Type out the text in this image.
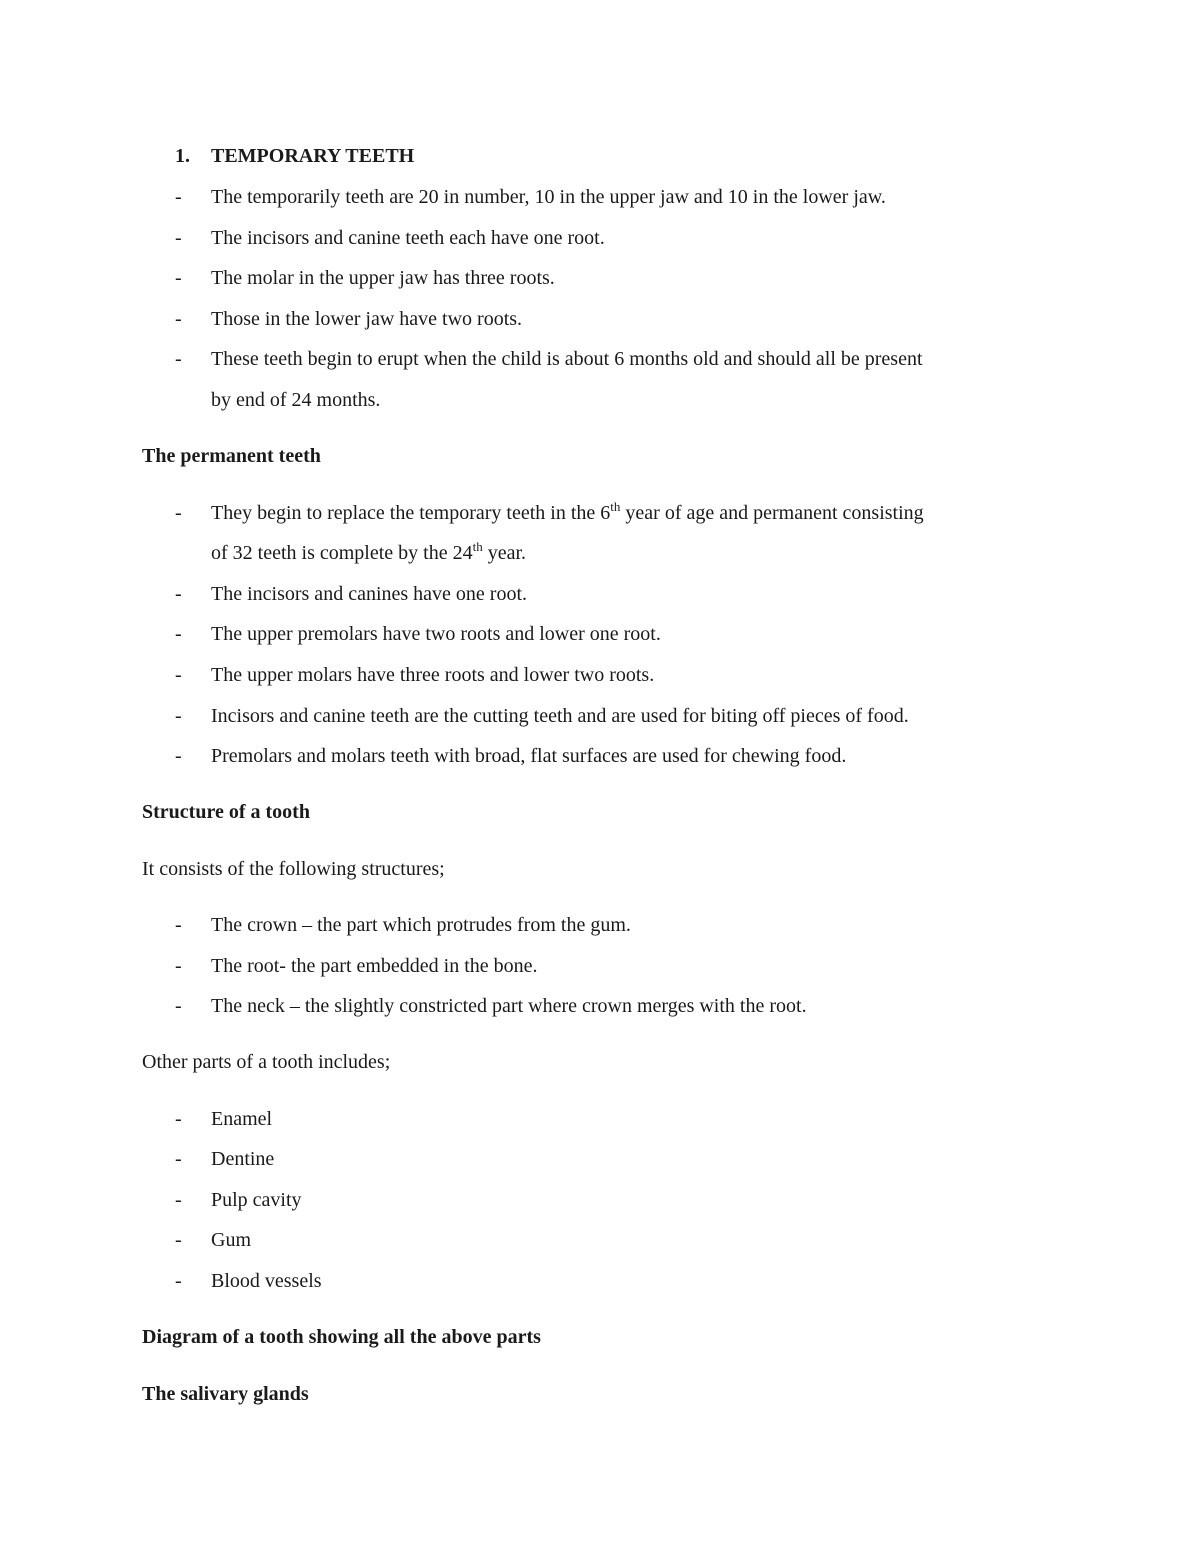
1. TEMPORARY TEETH
- The temporarily teeth are 20 in number, 10 in the upper jaw and 10 in the lower jaw.
- The incisors and canine teeth each have one root.
- The molar in the upper jaw has three roots.
- Those in the lower jaw have two roots.
- These teeth begin to erupt when the child is about 6 months old and should all be present
by end of 24 months.
The permanent teeth
- They begin to replace the temporary teeth in the 6th year of age and permanent consisting
of 32 teeth is complete by the 24th year.
- The incisors and canines have one root.
- The upper premolars have two roots and lower one root.
- The upper molars have three roots and lower two roots.
- Incisors and canine teeth are the cutting teeth and are used for biting off pieces of food.
- Premolars and molars teeth with broad, flat surfaces are used for chewing food.
Structure of a tooth
It consists of the following structures;
- The crown – the part which protrudes from the gum.
- The root- the part embedded in the bone.
- The neck – the slightly constricted part where crown merges with the root.
Other parts of a tooth includes;
- Enamel
- Dentine
- Pulp cavity
- Gum
- Blood vessels
Diagram of a tooth showing all the above parts
The salivary glands
